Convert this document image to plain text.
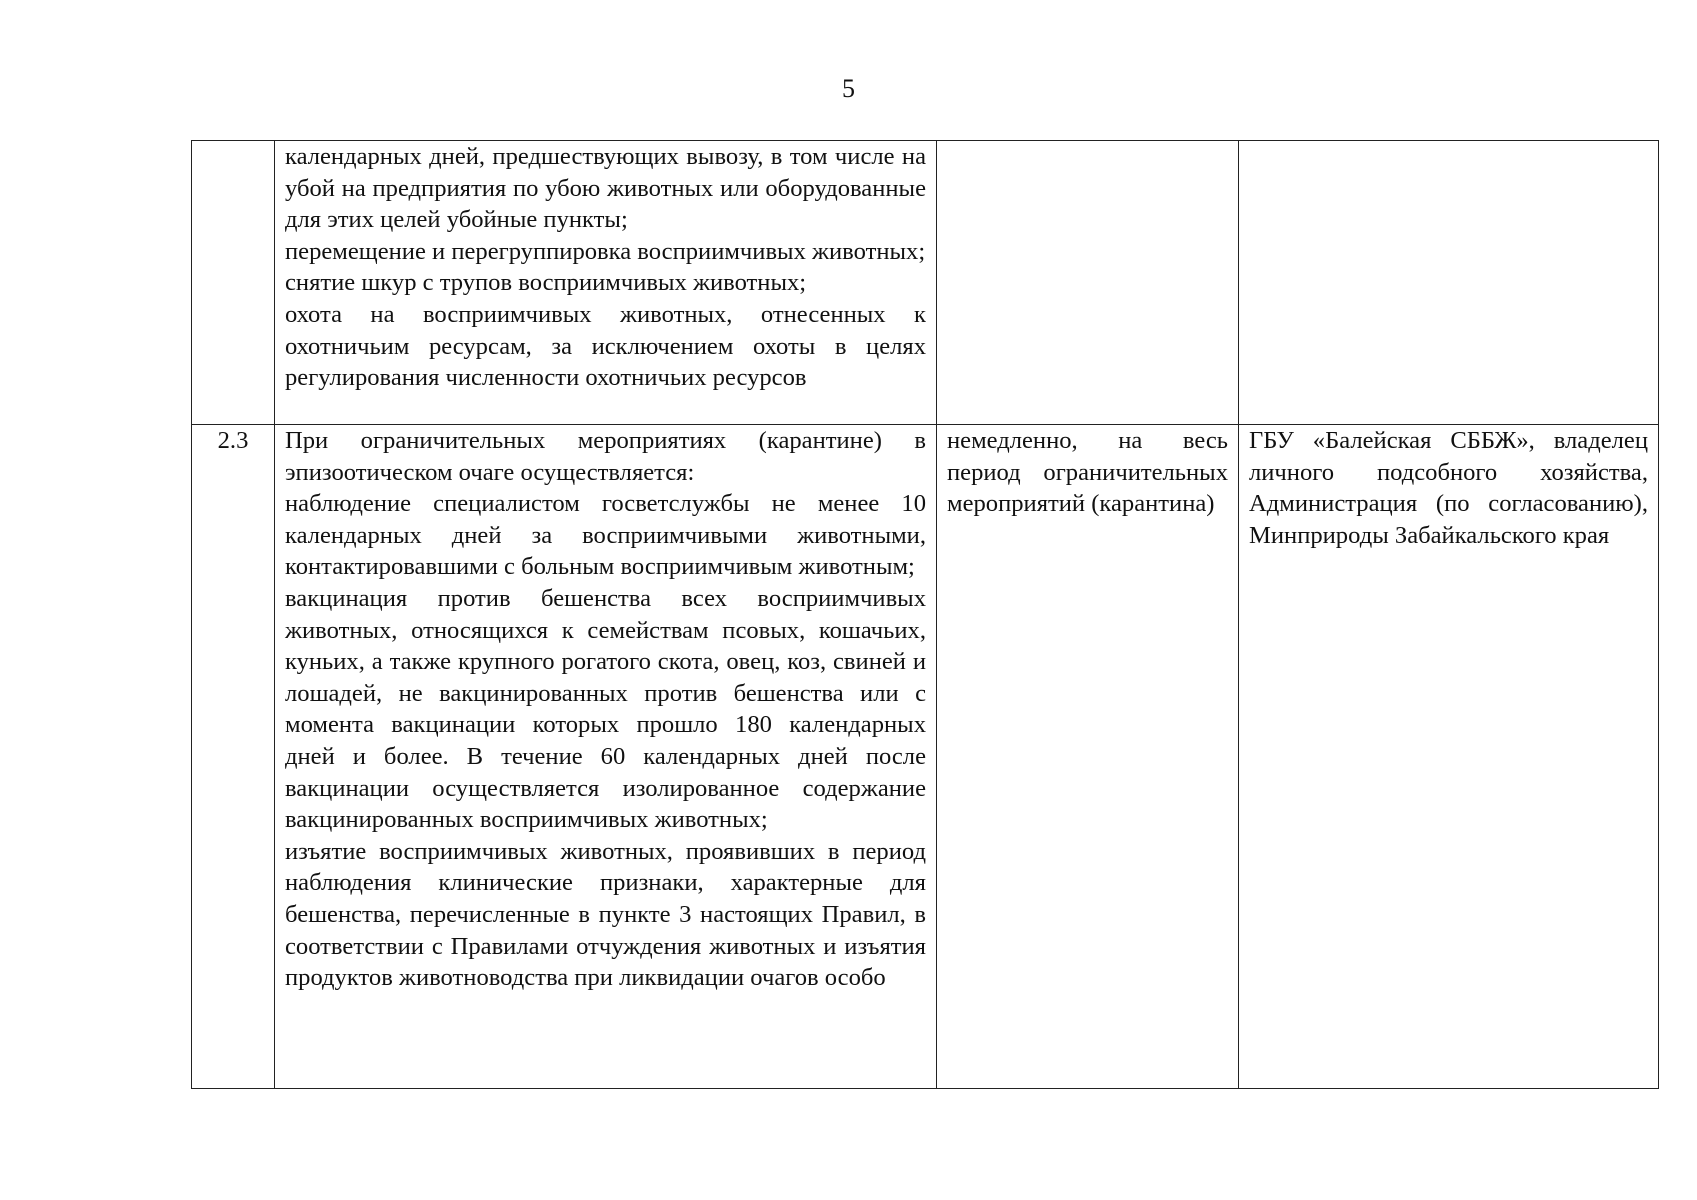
5

	календарных дней, предшествующих вывозу, в том числе на убой на предприятия по убою животных или оборудованные для этих целей убойные пункты;
перемещение и перегруппировка восприимчивых животных;
снятие шкур с трупов восприимчивых животных;
охота на восприимчивых животных, отнесенных к охотничьим ресурсам, за исключением охоты в целях регулирования численности охотничьих ресурсов		

2.3	При ограничительных мероприятиях (карантине) в эпизоотическом очаге осуществляется:
наблюдение специалистом госветслужбы не менее 10 календарных дней за восприимчивыми животными, контактировавшими с больным восприимчивым животным;
вакцинация против бешенства всех восприимчивых животных, относящихся к семействам псовых, кошачьих, куньих, а также крупного рогатого скота, овец, коз, свиней и лошадей, не вакцинированных против бешенства или с момента вакцинации которых прошло 180 календарных дней и более. В течение 60 календарных дней после вакцинации осуществляется изолированное содержание вакцинированных восприимчивых животных;
изъятие восприимчивых животных, проявивших в период наблюдения клинические признаки, характерные для бешенства, перечисленные в пункте 3 настоящих Правил, в соответствии с Правилами отчуждения животных и изъятия продуктов животноводства при ликвидации очагов особо	немедленно, на весь период ограничительных мероприятий (карантина)	ГБУ «Балейская СББЖ», владелец личного подсобного хозяйства, Администрация (по согласованию), Минприроды Забайкальского края
